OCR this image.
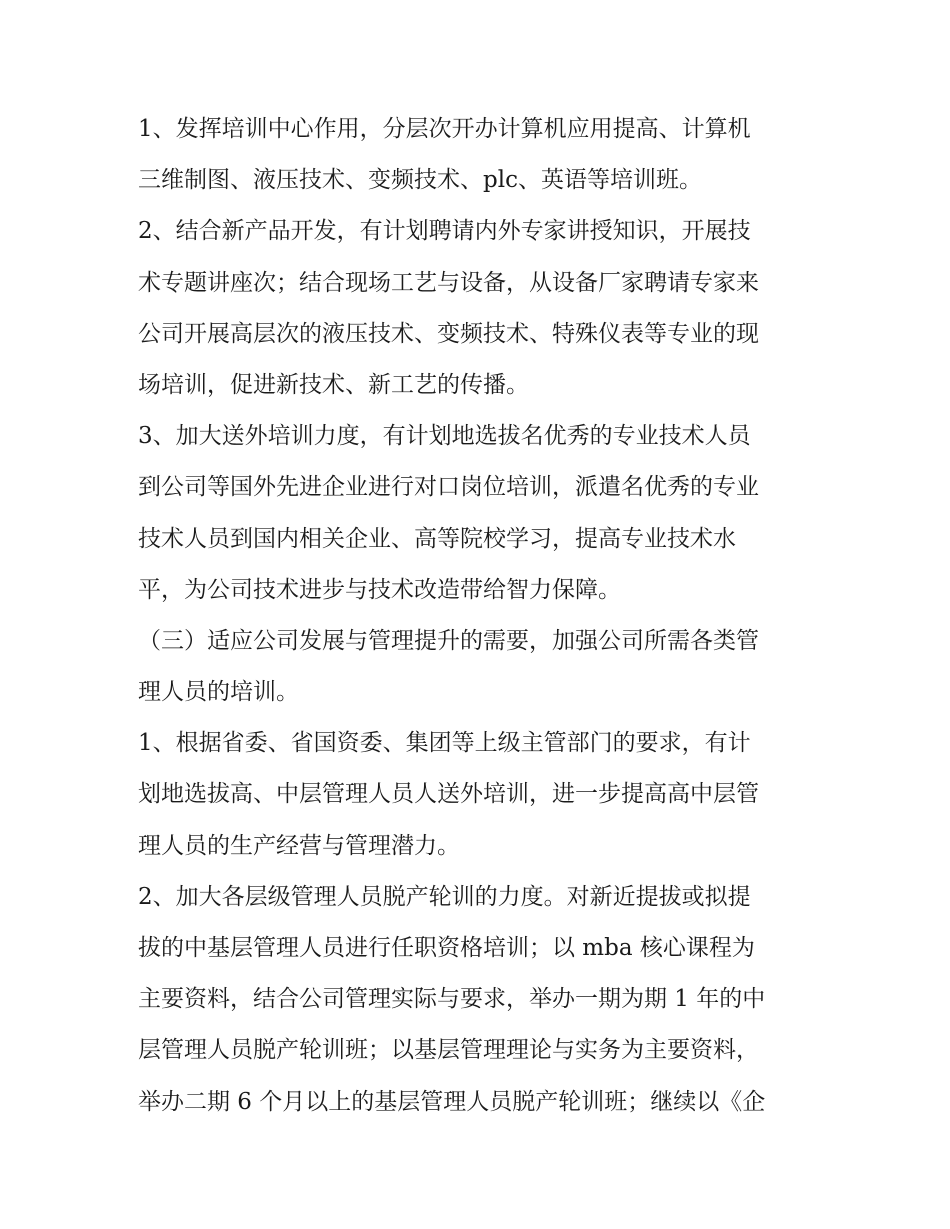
1、发挥培训中心作用，分层次开办计算机应用提高、计算机
三维制图、液压技术、变频技术、plc、英语等培训班。
2、结合新产品开发，有计划聘请内外专家讲授知识，开展技
术专题讲座次；结合现场工艺与设备，从设备厂家聘请专家来
公司开展高层次的液压技术、变频技术、特殊仪表等专业的现
场培训，促进新技术、新工艺的传播。
3、加大送外培训力度，有计划地选拔名优秀的专业技术人员
到公司等国外先进企业进行对口岗位培训，派遣名优秀的专业
技术人员到国内相关企业、高等院校学习，提高专业技术水
平，为公司技术进步与技术改造带给智力保障。
（三）适应公司发展与管理提升的需要，加强公司所需各类管
理人员的培训。
1、根据省委、省国资委、集团等上级主管部门的要求，有计
划地选拔高、中层管理人员人送外培训，进一步提高高中层管
理人员的生产经营与管理潜力。
2、加大各层级管理人员脱产轮训的力度。对新近提拔或拟提
拔的中基层管理人员进行任职资格培训；以 mba 核心课程为
主要资料，结合公司管理实际与要求，举办一期为期 1 年的中
层管理人员脱产轮训班；以基层管理理论与实务为主要资料，
举办二期 6 个月以上的基层管理人员脱产轮训班；继续以《企
